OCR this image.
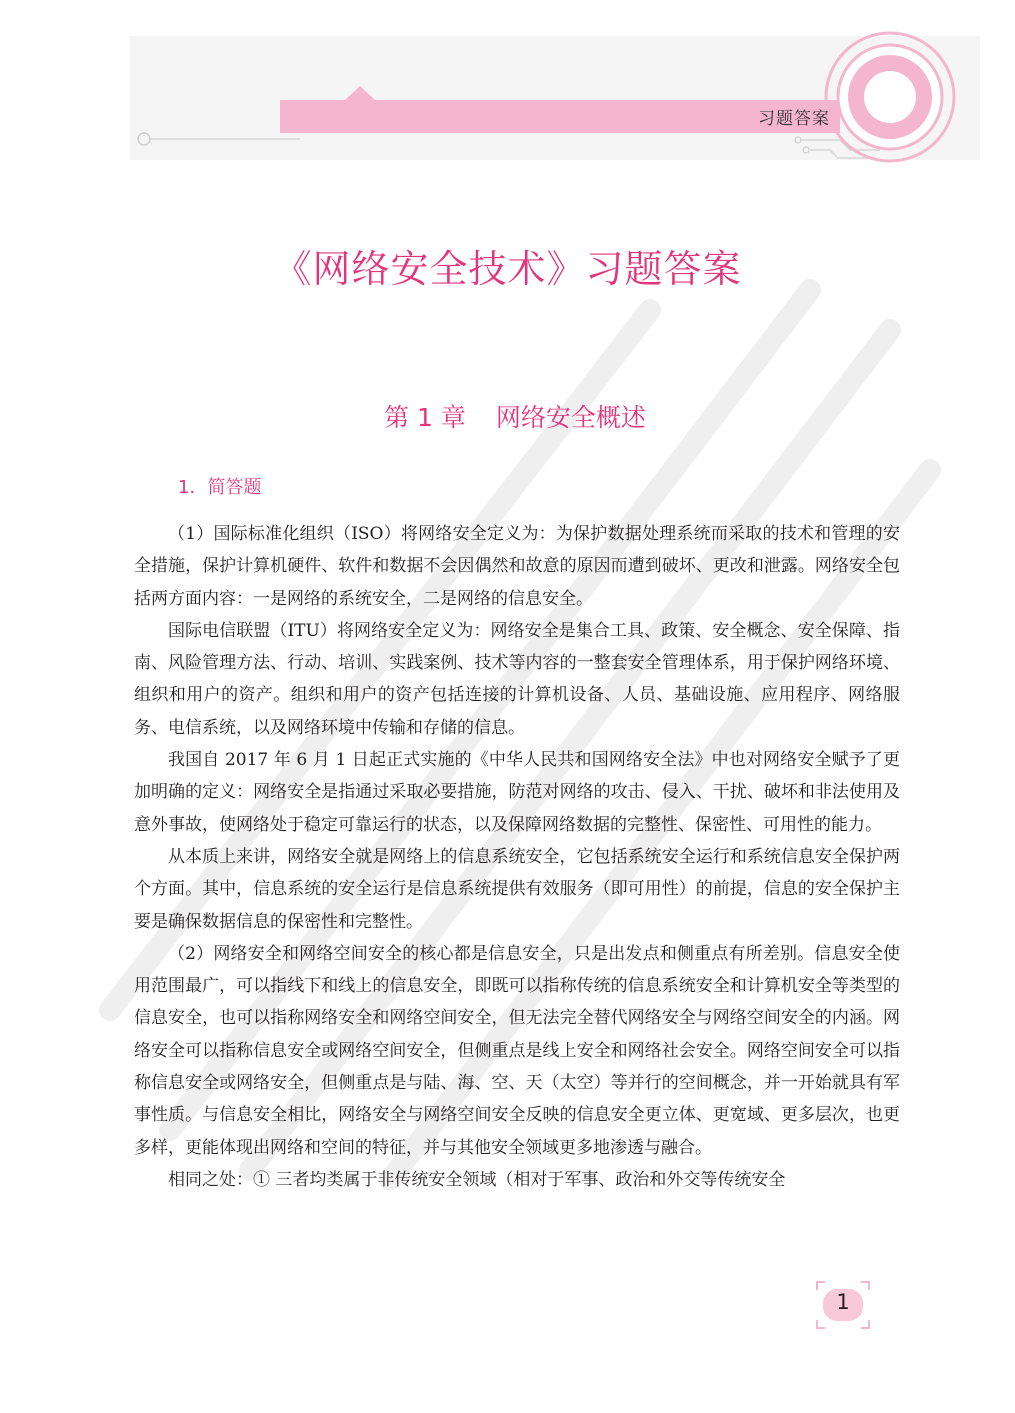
习题答案
《网络安全技术》习题答案
第 1 章 网络安全概述
1．简答题

（1）国际标准化组织（ISO）将网络安全定义为：为保护数据处理系统而采取的技术和管理的安全措施，保护计算机硬件、软件和数据不会因偶然和故意的原因而遭到破坏、更改和泄露。网络安全包括两方面内容：一是网络的系统安全，二是网络的信息安全。

国际电信联盟（ITU）将网络安全定义为：网络安全是集合工具、政策、安全概念、安全保障、指南、风险管理方法、行动、培训、实践案例、技术等内容的一整套安全管理体系，用于保护网络环境、组织和用户的资产。组织和用户的资产包括连接的计算机设备、人员、基础设施、应用程序、网络服务、电信系统，以及网络环境中传输和存储的信息。

我国自 2017 年 6 月 1 日起正式实施的《中华人民共和国网络安全法》中也对网络安全赋予了更加明确的定义：网络安全是指通过采取必要措施，防范对网络的攻击、侵入、干扰、破坏和非法使用及意外事故，使网络处于稳定可靠运行的状态，以及保障网络数据的完整性、保密性、可用性的能力。

从本质上来讲，网络安全就是网络上的信息系统安全，它包括系统安全运行和系统信息安全保护两个方面。其中，信息系统的安全运行是信息系统提供有效服务（即可用性）的前提，信息的安全保护主要是确保数据信息的保密性和完整性。

（2）网络安全和网络空间安全的核心都是信息安全，只是出发点和侧重点有所差别。信息安全使用范围最广，可以指线下和线上的信息安全，即既可以指称传统的信息系统安全和计算机安全等类型的信息安全，也可以指称网络安全和网络空间安全，但无法完全替代网络安全与网络空间安全的内涵。网络安全可以指称信息安全或网络空间安全，但侧重点是线上安全和网络社会安全。网络空间安全可以指称信息安全或网络安全，但侧重点是与陆、海、空、天（太空）等并行的空间概念，并一开始就具有军事性质。与信息安全相比，网络安全与网络空间安全反映的信息安全更立体、更宽域、更多层次，也更多样，更能体现出网络和空间的特征，并与其他安全领域更多地渗透与融合。

相同之处：① 三者均类属于非传统安全领域（相对于军事、政治和外交等传统安全

1
